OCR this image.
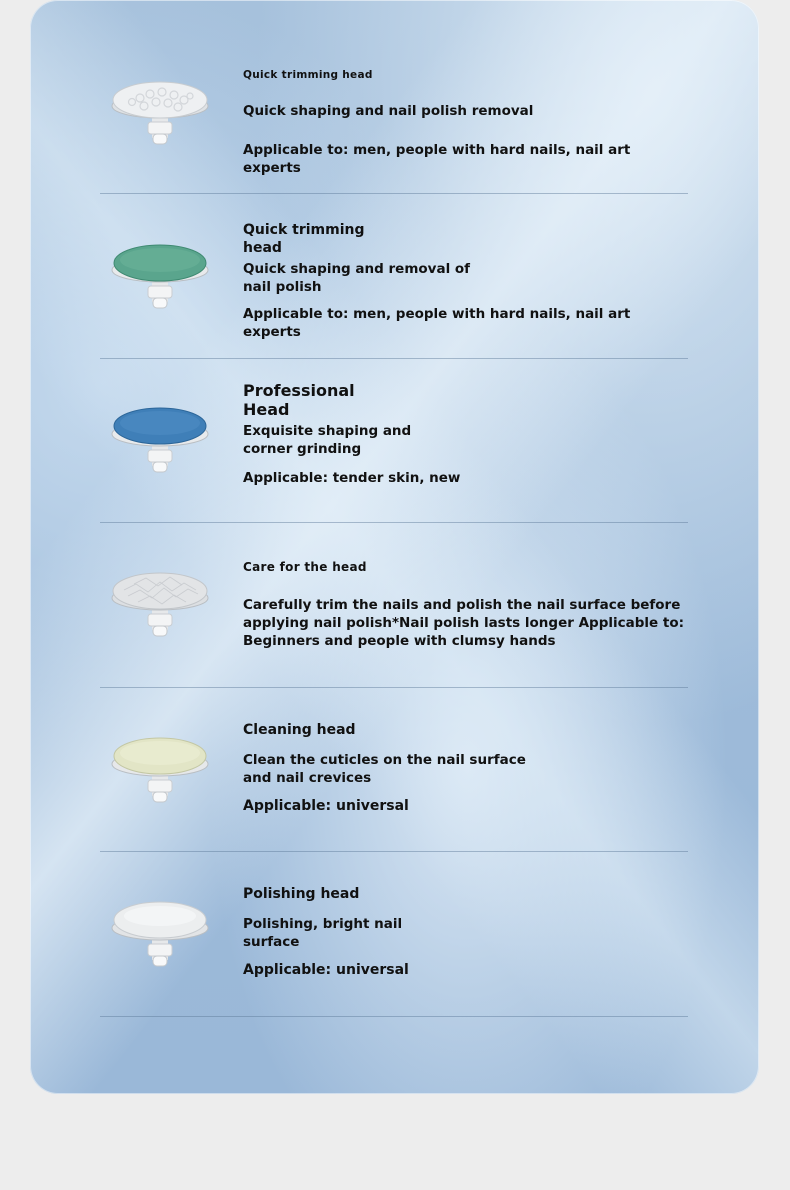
Quick trimming head
Quick shaping and nail polish removal
Applicable to: men, people with hard nails, nail art experts
Quick trimming head
Quick shaping and removal of nail polish
Applicable to: men, people with hard nails, nail art experts
Professional Head
Exquisite shaping and corner grinding
Applicable: tender skin, new
Care for the head
Carefully trim the nails and polish the nail surface before applying nail polish*Nail polish lasts longer Applicable to: Beginners and people with clumsy hands
Cleaning head
Clean the cuticles on the nail surface and nail crevices
Applicable: universal
Polishing head
Polishing, bright nail surface
Applicable: universal
